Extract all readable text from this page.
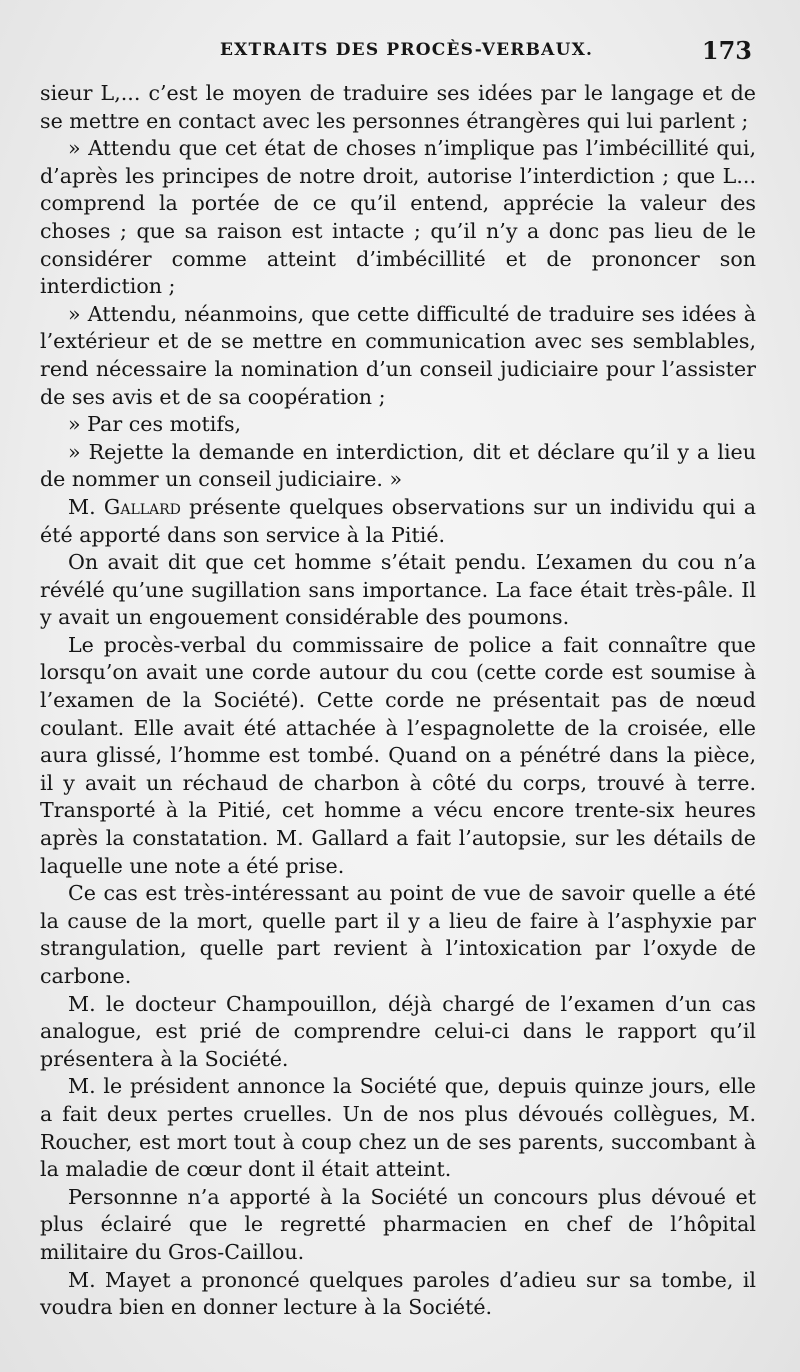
EXTRAITS DES PROCÈS-VERBAUX.	173

sieur L,... c’est le moyen de traduire ses idées par le langage et de se mettre en contact avec les personnes étrangères qui lui parlent ;

» Attendu que cet état de choses n’implique pas l’imbécillité qui, d’après les principes de notre droit, autorise l’interdiction ; que L... comprend la portée de ce qu’il entend, apprécie la valeur des choses ; que sa raison est intacte ; qu’il n’y a donc pas lieu de le considérer comme atteint d’imbécillité et de prononcer son interdiction ;

» Attendu, néanmoins, que cette difficulté de traduire ses idées à l’extérieur et de se mettre en communication avec ses semblables, rend nécessaire la nomination d’un conseil judiciaire pour l’assister de ses avis et de sa coopération ;

» Par ces motifs,

» Rejette la demande en interdiction, dit et déclare qu’il y a lieu de nommer un conseil judiciaire. »

M. Gallard présente quelques observations sur un individu qui a été apporté dans son service à la Pitié.

On avait dit que cet homme s’était pendu. L’examen du cou n’a révélé qu’une sugillation sans importance. La face était très-pâle. Il y avait un engouement considérable des poumons.

Le procès-verbal du commissaire de police a fait connaître que lorsqu’on avait une corde autour du cou (cette corde est soumise à l’examen de la Société). Cette corde ne présentait pas de nœud coulant. Elle avait été attachée à l’espagnolette de la croisée, elle aura glissé, l’homme est tombé. Quand on a pénétré dans la pièce, il y avait un réchaud de charbon à côté du corps, trouvé à terre. Transporté à la Pitié, cet homme a vécu encore trente-six heures après la constatation. M. Gallard a fait l’autopsie, sur les détails de laquelle une note a été prise.

Ce cas est très-intéressant au point de vue de savoir quelle a été la cause de la mort, quelle part il y a lieu de faire à l’asphyxie par strangulation, quelle part revient à l’intoxication par l’oxyde de carbone.

M. le docteur Champouillon, déjà chargé de l’examen d’un cas analogue, est prié de comprendre celui-ci dans le rapport qu’il présentera à la Société.

M. le président annonce la Société que, depuis quinze jours, elle a fait deux pertes cruelles. Un de nos plus dévoués collègues, M. Roucher, est mort tout à coup chez un de ses parents, succombant à la maladie de cœur dont il était atteint.

Personnne n’a apporté à la Société un concours plus dévoué et plus éclairé que le regretté pharmacien en chef de l’hôpital militaire du Gros-Caillou.

M. Mayet a prononcé quelques paroles d’adieu sur sa tombe, il voudra bien en donner lecture à la Société.
